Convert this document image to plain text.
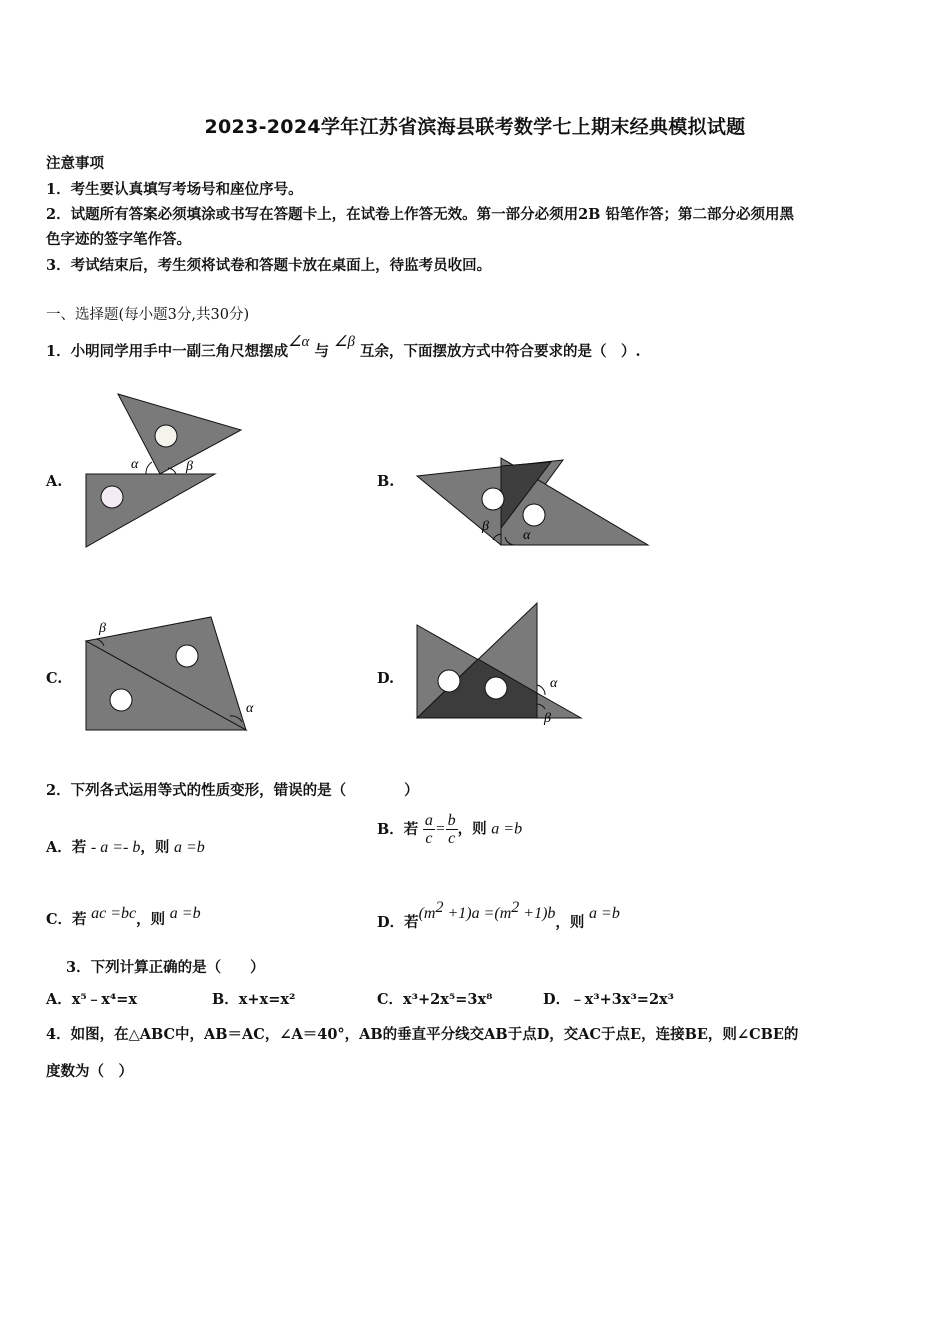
2023-2024学年江苏省滨海县联考数学七上期末经典模拟试题
注意事项
1．考生要认真填写考场号和座位序号。
2．试题所有答案必须填涂或书写在答题卡上，在试卷上作答无效。第一部分必须用2B 铅笔作答；第二部分必须用黑
色字迹的签字笔作答。
3．考试结束后，考生须将试卷和答题卡放在桌面上，待监考员收回。
一、选择题(每小题3分,共30分)
1．小明同学用手中一副三角尺想摆成∠α 与 ∠β 互余，下面摆放方式中符合要求的是（　）.
A.	B.
C.	D.
α	β
β
α
β
α
α
β
2．下列各式运用等式的性质变形，错误的是（　　　　）
A．若 - a =- b，则 a =b
B．若 $\frac{a}{c} = \frac{b}{c}$ ，则 a =b
C．若 ac =bc，则 a =b
D．若$(m^2 +1)a =(m^2 +1)b$，则 a =b
3．下列计算正确的是（　　）
A．x⁵﹣x⁴=x	B．x+x=x²	C．x³+2x⁵=3x⁸	D．﹣x³+3x³=2x³
4．如图，在△ABC中，AB＝AC，∠A＝40°，AB的垂直平分线交AB于点D，交AC于点E，连接BE，则∠CBE的
度数为（　）
